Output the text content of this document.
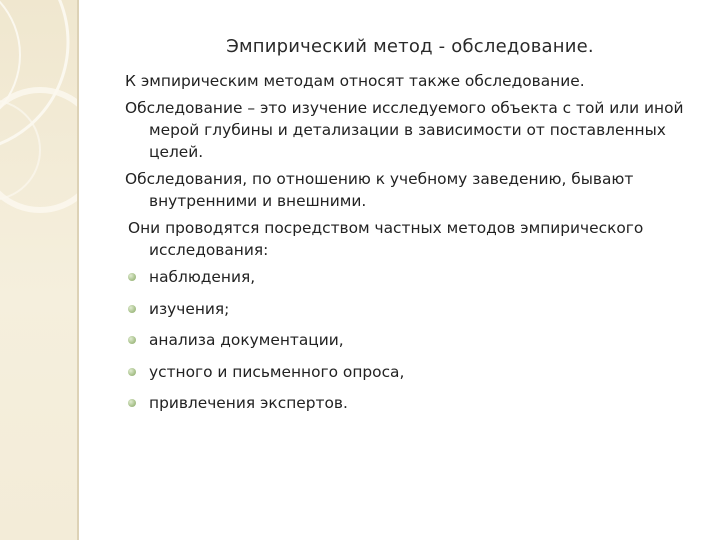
Эмпирический метод - обследование.

К эмпирическим методам относят также обследование.

Обследование – это изучение исследуемого объекта с той или иной мерой глубины и детализации в зависимости от поставленных целей.

Обследования, по отношению к учебному заведению, бывают внутренними и внешними.

Они проводятся посредством частных методов эмпирического исследования:

наблюдения,
изучения;
анализа документации,
устного и письменного опроса,
привлечения экспертов.
